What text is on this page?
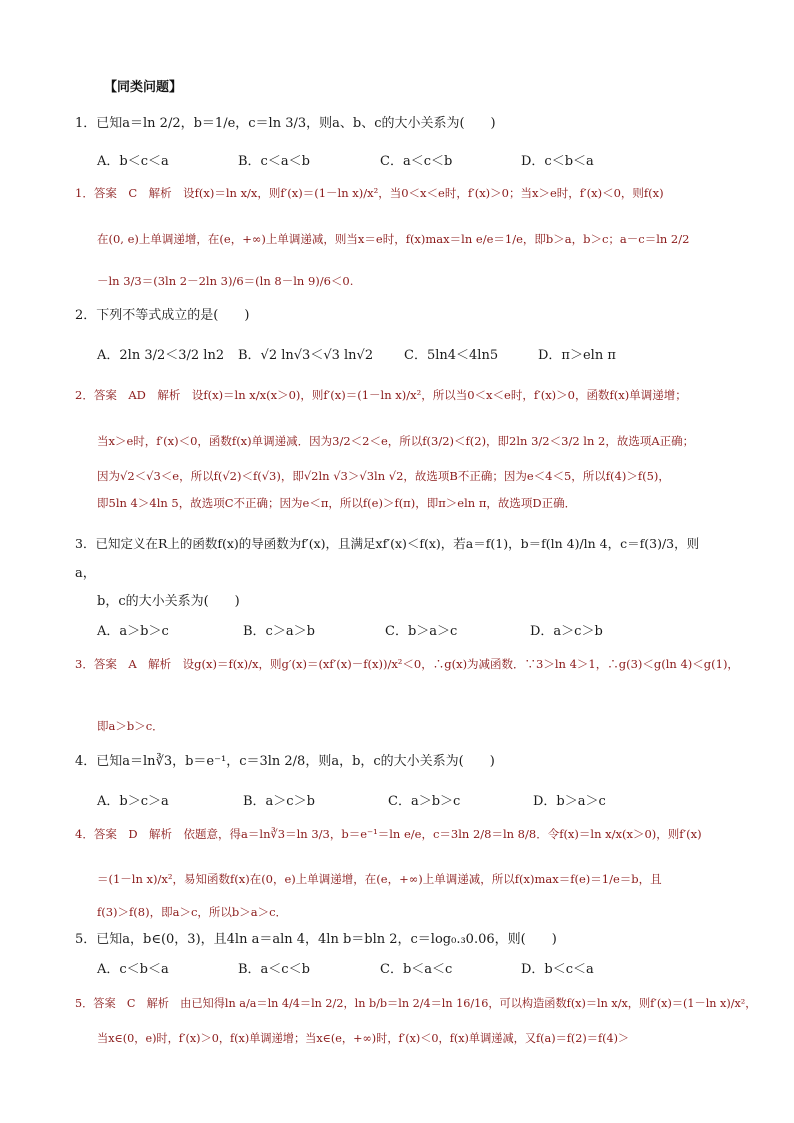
【同类问题】
1．已知a＝ln 2/2，b＝1/e，c＝ln 3/3，则a、b、c的大小关系为(　　)
A．b＜c＜a	B．c＜a＜b	C．a＜c＜b	D．c＜b＜a
1．答案　C　解析　设f(x)＝ln x/x，则f′(x)＝(1－ln x)/x²，当0＜x＜e时，f′(x)＞0；当x＞e时，f′(x)＜0，则f(x)
在(0, e)上单调递增，在(e，+∞)上单调递减，则当x＝e时，f(x)max＝ln e/e＝1/e，即b＞a，b＞c；a－c＝ln 2/2
－ln 3/3＝(3ln 2－2ln 3)/6＝(ln 8－ln 9)/6＜0.
2．下列不等式成立的是(　　)
A．2ln 3/2＜3/2 ln2 B．√2 ln√3＜√3 ln√2 C．5ln4＜4ln5	D．π＞eln π
2．答案　AD　解析　设f(x)＝ln x/x(x＞0)，则f′(x)＝(1－ln x)/x²，所以当0＜x＜e时，f′(x)＞0，函数f(x)单调递增；
当x＞e时，f′(x)＜0，函数f(x)单调递减．因为3/2＜2＜e，所以f(3/2)＜f(2)，即2ln 3/2＜3/2 ln 2，故选项A正确；
因为√2＜√3＜e，所以f(√2)＜f(√3)，即√2ln √3＞√3ln √2，故选项B不正确；因为e＜4＜5，所以f(4)＞f(5)，
即5ln 4＞4ln 5，故选项C不正确；因为e＜π，所以f(e)＞f(π)，即π＞eln π，故选项D正确．
3．已知定义在R上的函数f(x)的导函数为f′(x)，且满足xf′(x)＜f(x)，若a＝f(1)，b＝f(ln 4)/ln 4，c＝f(3)/3，则
a，
b，c的大小关系为(　　)
A．a＞b＞c	B．c＞a＞b	C．b＞a＞c	D．a＞c＞b
3．答案　A　解析　设g(x)＝f(x)/x，则g′(x)＝(xf′(x)－f(x))/x²＜0，∴g(x)为减函数．∵3＞ln 4＞1，∴g(3)＜g(ln 4)＜g(1)，
即a＞b＞c．
4．已知a＝ln∛3，b＝e⁻¹，c＝3ln 2/8，则a，b，c的大小关系为(　　)
A．b＞c＞a	B．a＞c＞b	C．a＞b＞c	D．b＞a＞c
4．答案　D　解析　依题意，得a＝ln∛3＝ln 3/3，b＝e⁻¹＝ln e/e，c＝3ln 2/8＝ln 8/8．令f(x)＝ln x/x(x＞0)，则f′(x)
＝(1－ln x)/x²，易知函数f(x)在(0，e)上单调递增，在(e，+∞)上单调递减，所以f(x)max＝f(e)＝1/e＝b，且
f(3)＞f(8)，即a＞c，所以b＞a＞c．
5．已知a，b∈(0，3)，且4ln a＝aln 4，4ln b＝bln 2，c＝log₀.₃0.06，则(　　)
A．c＜b＜a	B．a＜c＜b	C．b＜a＜c	D．b＜c＜a
5．答案　C　解析　由已知得ln a/a＝ln 4/4＝ln 2/2，ln b/b＝ln 2/4＝ln 16/16，可以构造函数f(x)＝ln x/x，则f′(x)＝(1－ln x)/x²，
当x∈(0，e)时，f′(x)＞0，f(x)单调递增；当x∈(e，+∞)时，f′(x)＜0，f(x)单调递减，又f(a)＝f(2)＝f(4)＞
